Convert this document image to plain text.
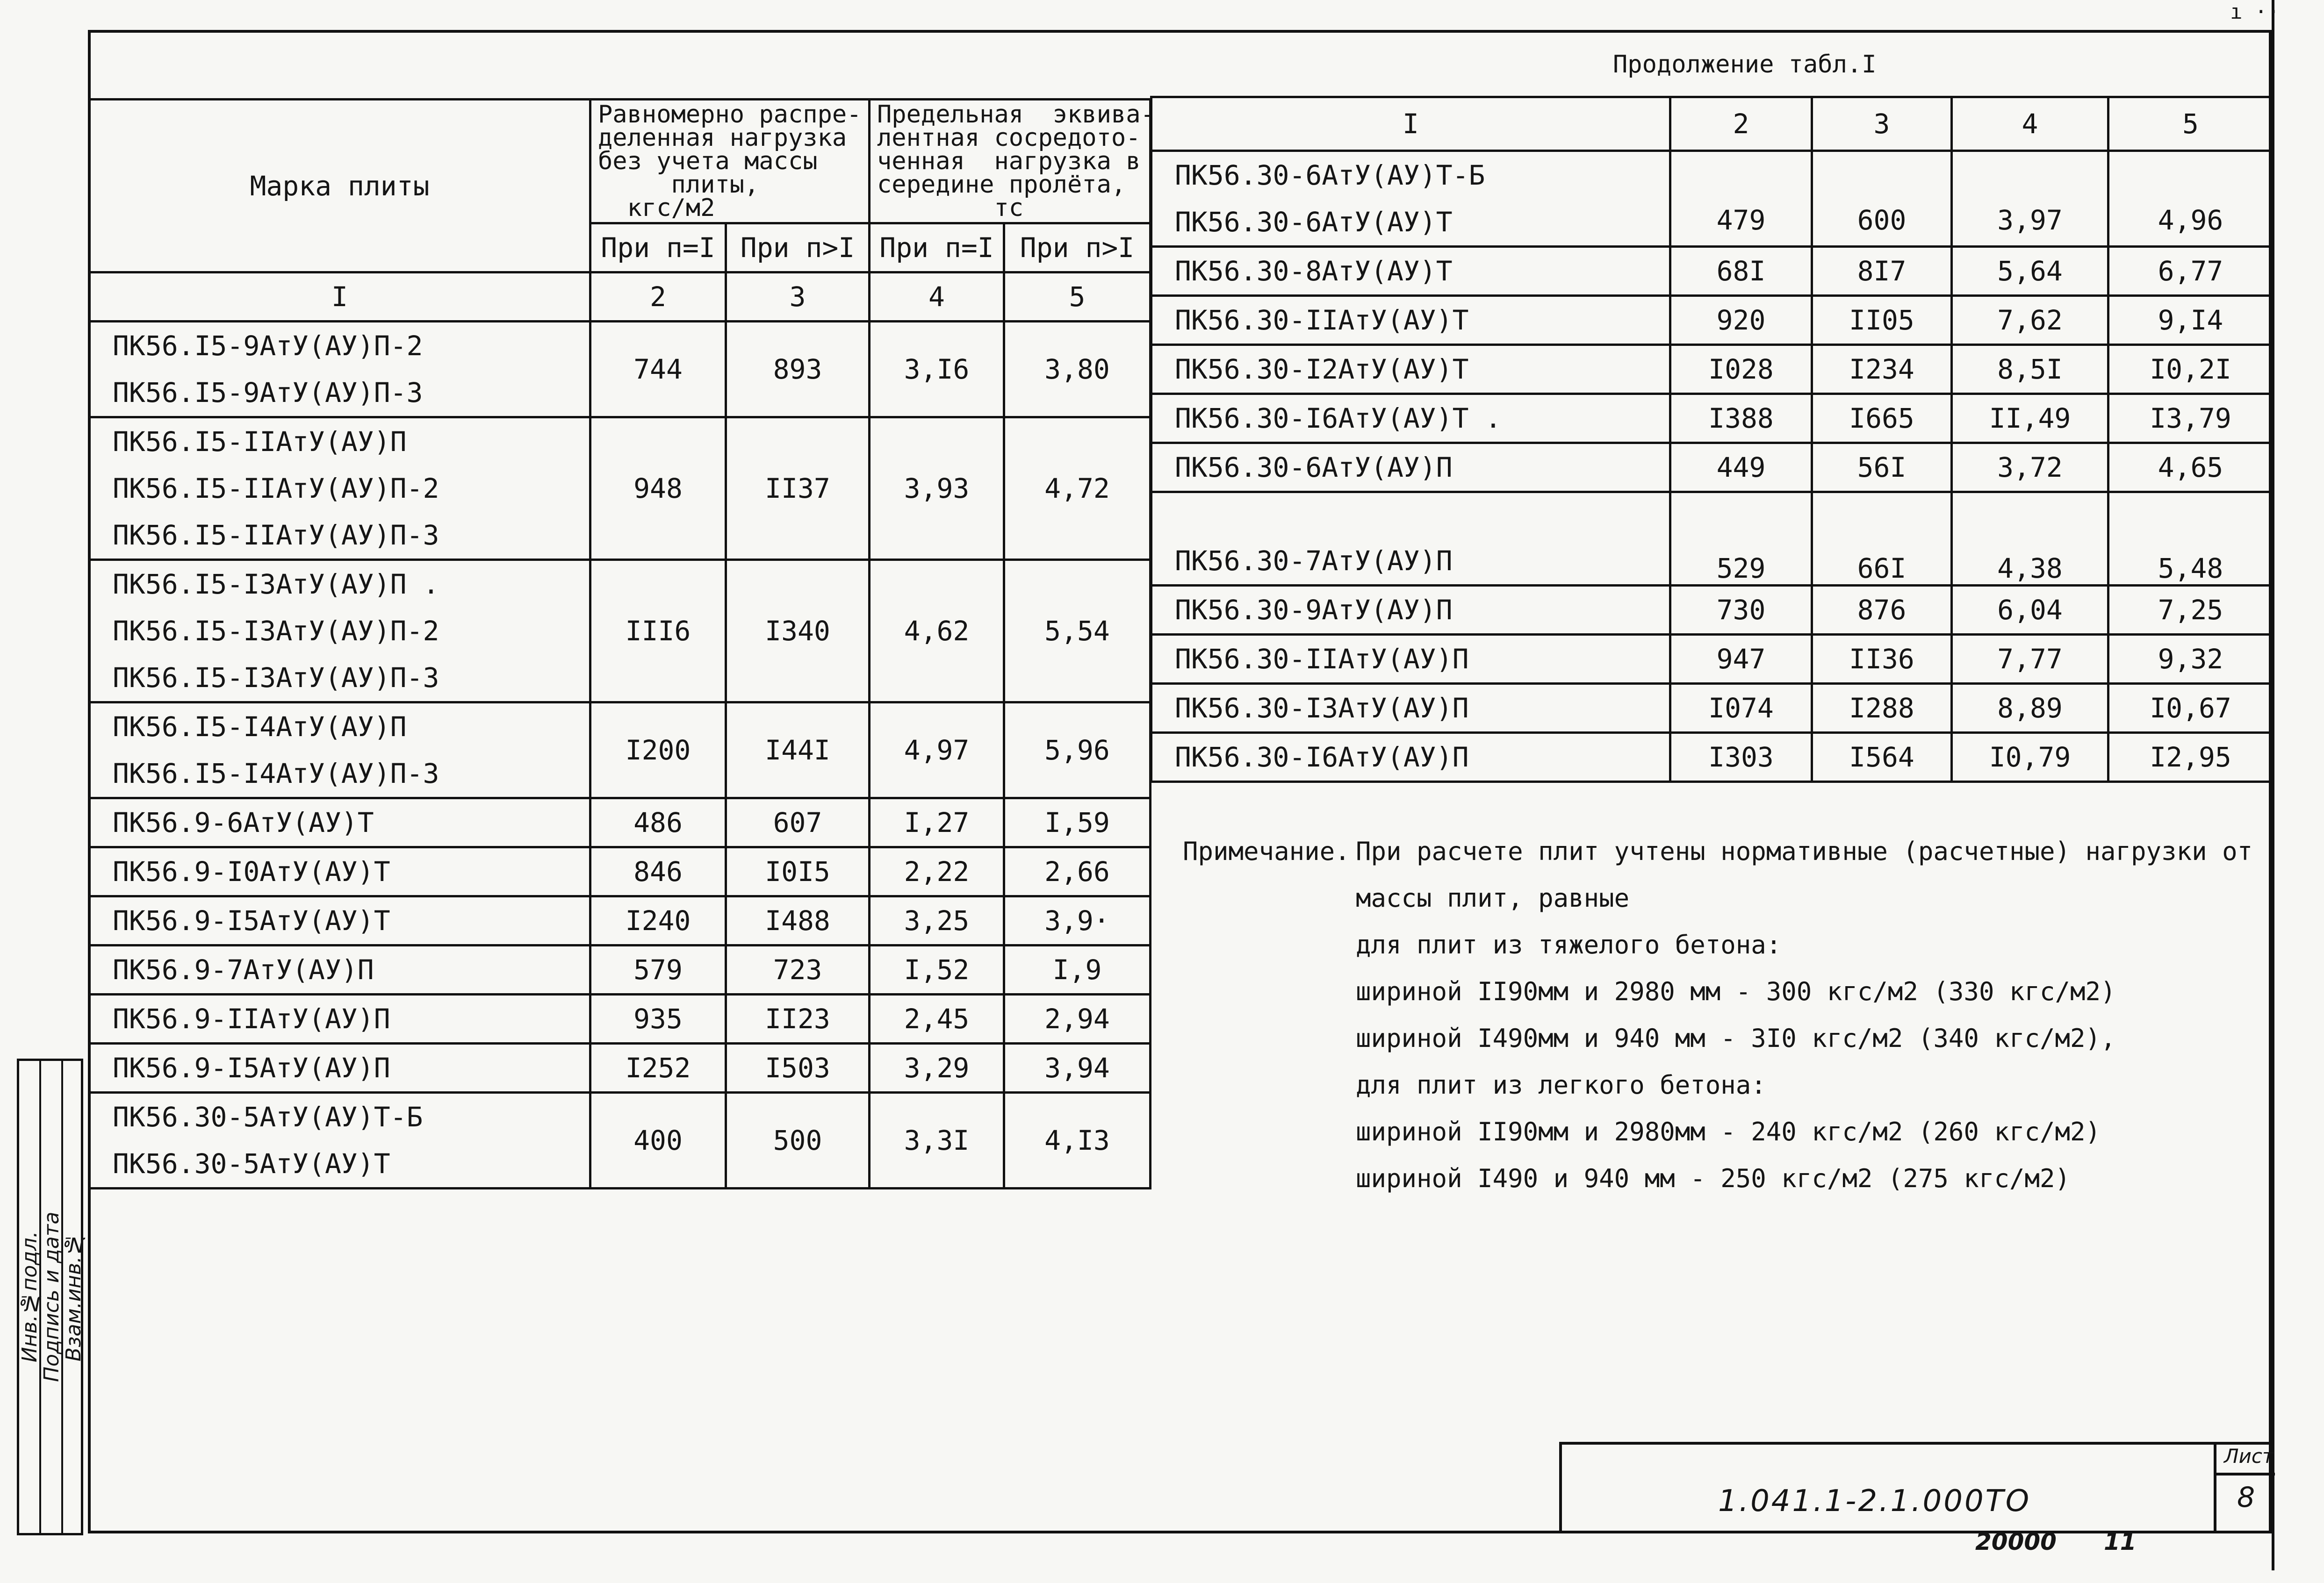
ı ··
Продолжение табл.I
Марка плиты	Равномерно распре-
деленная нагрузка
без учета массы
плиты,
кгс/м2		Предельная  эквива-
лентная сосредото-
ченная  нагрузка в
середине пролёта,
тс	

	При п=I	При п>I	При п=I	При п>I
I	2	3	4	5
ПК56.I5-9АтУ(АУ)П-2	744	893	3,I6	3,80
ПК56.I5-9АтУ(АУ)П-3				
ПК56.I5-IIАтУ(АУ)П	948	II37	3,93	4,72
ПК56.I5-IIАтУ(АУ)П-2				
ПК56.I5-IIАтУ(АУ)П-3				
ПК56.I5-I3АтУ(АУ)П .	III6	I340	4,62	5,54
ПК56.I5-I3АтУ(АУ)П-2				
ПК56.I5-I3АтУ(АУ)П-3				
ПК56.I5-I4АтУ(АУ)П	I200	I44I	4,97	5,96
ПК56.I5-I4АтУ(АУ)П-3				
ПК56.9-6АтУ(АУ)Т	486	607	I,27	I,59
ПК56.9-I0АтУ(АУ)Т	846	I0I5	2,22	2,66
ПК56.9-I5АтУ(АУ)Т	I240	I488	3,25	3,9·
ПК56.9-7АтУ(АУ)П	579	723	I,52	I,9
ПК56.9-IIАтУ(АУ)П	935	II23	2,45	2,94
ПК56.9-I5АтУ(АУ)П	I252	I503	3,29	3,94
ПК56.30-5АтУ(АУ)Т-Б	400	500	3,3I	4,I3
ПК56.30-5АтУ(АУ)Т				
I	2	3	4	5
ПК56.30-6АтУ(АУ)Т-Б	479	600	3,97	4,96
ПК56.30-6АтУ(АУ)Т				
ПК56.30-8АтУ(АУ)Т	68I	8I7	5,64	6,77
ПК56.30-IIАтУ(АУ)Т	920	II05	7,62	9,I4
ПК56.30-I2АтУ(АУ)Т	I028	I234	8,5I	I0,2I
ПК56.30-I6АтУ(АУ)Т .	I388	I665	II,49	I3,79
ПК56.30-6АтУ(АУ)П	449	56I	3,72	4,65
ПК56.30-7АтУ(АУ)П	529	66I	4,38	5,48
ПК56.30-9АтУ(АУ)П	730	876	6,04	7,25
ПК56.30-IIАтУ(АУ)П	947	II36	7,77	9,32
ПК56.30-I3АтУ(АУ)П	I074	I288	8,89	I0,67
ПК56.30-I6АтУ(АУ)П	I303	I564	I0,79	I2,95
Примечание. При расчете плит учтены нормативные (расчетные) нагрузки от
массы плит, равные
для плит из тяжелого бетона:
шириной II90мм и 2980 мм - 300 кгс/м2 (330 кгс/м2)
шириной I490мм и 940 мм - 3I0 кгс/м2 (340 кгс/м2),
для плит из легкого бетона:
шириной II90мм и 2980мм - 240 кгс/м2 (260 кгс/м2)
шириной I490 и 940 мм - 250 кгс/м2 (275 кгс/м2)
1.041.1-2.1.000ТО
Лист
8
20000 11
Инв.№подл.
Подпись и дата
Взам.инв.№
